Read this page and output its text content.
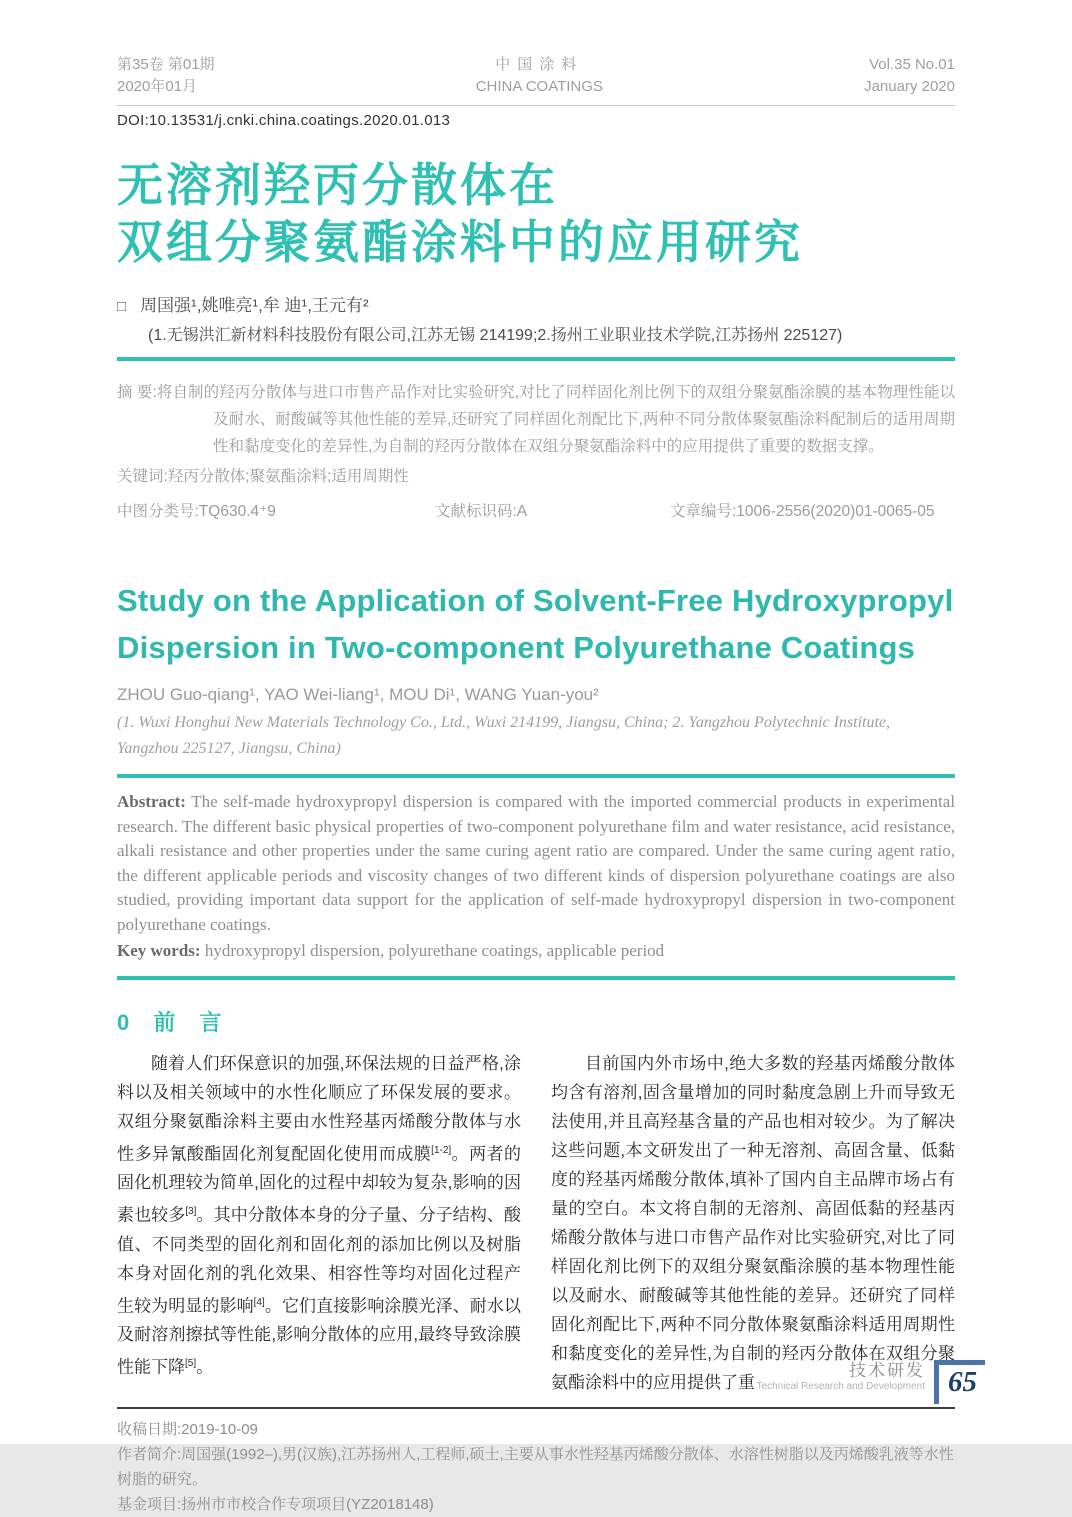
第35卷 第01期
2020年01月
中国涂料
CHINA COATINGS
Vol.35 No.01
January 2020
DOI:10.13531/j.cnki.china.coatings.2020.01.013
无溶剂羟丙分散体在
双组分聚氨酯涂料中的应用研究
□ 周国强¹,姚唯亮¹,牟 迪¹,王元有²
(1.无锡洪汇新材料科技股份有限公司,江苏无锡 214199;2.扬州工业职业技术学院,江苏扬州 225127)

摘 要:将自制的羟丙分散体与进口市售产品作对比实验研究,对比了同样固化剂比例下的双组分聚氨酯涂膜的基本物理性能以及耐水、耐酸碱等其他性能的差异,还研究了同样固化剂配比下,两种不同分散体聚氨酯涂料配制后的适用周期性和黏度变化的差异性,为自制的羟丙分散体在双组分聚氨酯涂料中的应用提供了重要的数据支撑。

关键词:羟丙分散体;聚氨酯涂料;适用周期性
中图分类号:TQ630.4⁺9	文献标识码:A	文章编号:1006-2556(2020)01-0065-05
Study on the Application of Solvent-Free Hydroxypropyl
Dispersion in Two-component Polyurethane Coatings
ZHOU Guo-qiang¹, YAO Wei-liang¹, MOU Di¹, WANG Yuan-you²
(1. Wuxi Honghui New Materials Technology Co., Ltd., Wuxi 214199, Jiangsu, China; 2. Yangzhou Polytechnic Institute, Yangzhou 225127, Jiangsu, China)
Abstract: The self-made hydroxypropyl dispersion is compared with the imported commercial products in experimental research. The different basic physical properties of two-component polyurethane film and water resistance, acid resistance, alkali resistance and other properties under the same curing agent ratio are compared. Under the same curing agent ratio, the different applicable periods and viscosity changes of two different kinds of dispersion polyurethane coatings are also studied, providing important data support for the application of self-made hydroxypropyl dispersion in two-component polyurethane coatings.
Key words: hydroxypropyl dispersion, polyurethane coatings, applicable period
0 前 言

随着人们环保意识的加强,环保法规的日益严格,涂料以及相关领域中的水性化顺应了环保发展的要求。双组分聚氨酯涂料主要由水性羟基丙烯酸分散体与水性多异氰酸酯固化剂复配固化使用而成膜[1-2]。两者的固化机理较为简单,固化的过程中却较为复杂,影响的因素也较多[3]。其中分散体本身的分子量、分子结构、酸值、不同类型的固化剂和固化剂的添加比例以及树脂本身对固化剂的乳化效果、相容性等均对固化过程产生较为明显的影响[4]。它们直接影响涂膜光泽、耐水以及耐溶剂擦拭等性能,影响分散体的应用,最终导致涂膜性能下降[5]。

目前国内外市场中,绝大多数的羟基丙烯酸分散体均含有溶剂,固含量增加的同时黏度急剧上升而导致无法使用,并且高羟基含量的产品也相对较少。为了解决这些问题,本文研发出了一种无溶剂、高固含量、低黏度的羟基丙烯酸分散体,填补了国内自主品牌市场占有量的空白。本文将自制的无溶剂、高固低黏的羟基丙烯酸分散体与进口市售产品作对比实验研究,对比了同样固化剂比例下的双组分聚氨酯涂膜的基本物理性能以及耐水、耐酸碱等其他性能的差异。还研究了同样固化剂配比下,两种不同分散体聚氨酯涂料适用周期性和黏度变化的差异性,为自制的羟丙分散体在双组分聚氨酯涂料中的应用提供了重

收稿日期:2019-10-09
作者简介:周国强(1992–),男(汉族),江苏扬州人,工程师,硕士,主要从事水性羟基丙烯酸分散体、水溶性树脂以及丙烯酸乳液等水性树脂的研究。
基金项目:扬州市市校合作专项项目(YZ2018148)
技术研发
Technical Research and Development 65
